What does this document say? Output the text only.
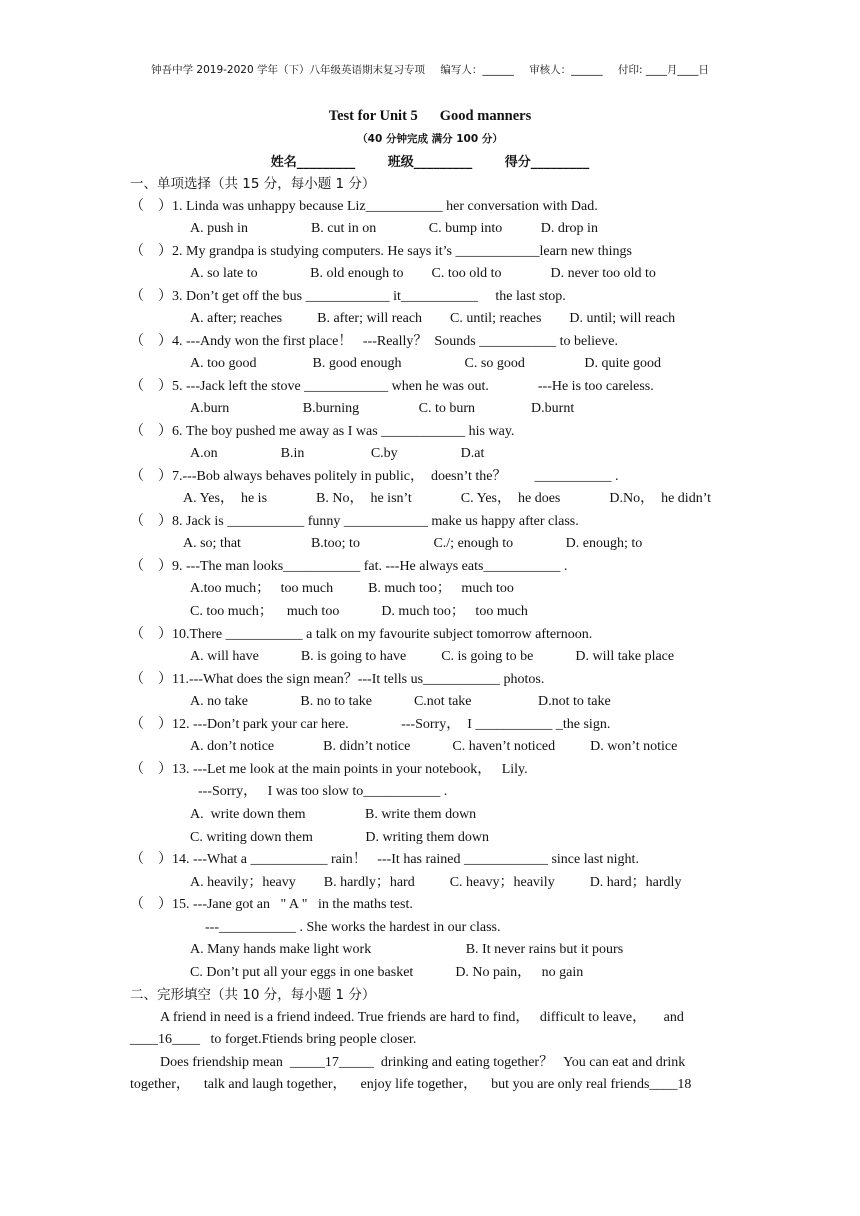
钟吾中学 2019-2020 学年（下）八年级英语期末复习专项 编写人：______ 审核人：______ 付印: ____月____日
Test for Unit 5 Good manners
（40 分钟完成 满分 100 分）
姓名_________	班级_________	得分_________
一、单项选择（共 15 分，每小题 1 分）
（    ）1. Linda was unhappy because Liz___________ her conversation with Dad.
A. push in                  B. cut in on               C. bump into           D. drop in
（    ）2. My grandpa is studying computers. He says it’s ____________learn new things
A. so late to               B. old enough to        C. too old to              D. never too old to
（    ）3. Don’t get off the bus ____________ it___________     the last stop.
A. after; reaches          B. after; will reach        C. until; reaches        D. until; will reach
（    ）4. ---Andy won the first place！   ---Really？  Sounds ___________ to believe.
A. too good                B. good enough                  C. so good                 D. quite good
（    ）5. ---Jack left the stove ____________ when he was out.              ---He is too careless.
A.burn                     B.burning                 C. to burn                D.burnt
（    ）6. The boy pushed me away as I was ____________ his way.
A.on                  B.in                   C.by                  D.at
（    ）7.---Bob always behaves politely in public，  doesn’t the？        ___________ .
A. Yes，  he is              B. No，  he isn’t              C. Yes，  he does              D.No，  he didn’t
（    ）8. Jack is ___________ funny ____________ make us happy after class.
A. so; that                    B.too; to                     C./; enough to               D. enough; to
（    ）9. ---The man looks___________ fat. ---He always eats___________ .
A.too much；   too much          B. much too；   much too
C. too much；    much too            D. much too；   too much
（    ）10.There ___________ a talk on my favourite subject tomorrow afternoon.
A. will have            B. is going to have          C. is going to be            D. will take place
（    ）11.---What does the sign mean？---It tells us___________ photos.
A. no take               B. no to take            C.not take                   D.not to take
（    ）12. ---Don’t park your car here.               ---Sorry，  I ___________ _the sign.
A. don’t notice              B. didn’t notice            C. haven’t noticed          D. won’t notice
（    ）13. ---Let me look at the main points in your notebook，   Lily.
---Sorry，   I was too slow to___________ .
A.  write down them                 B. write them down
C. writing down them               D. writing them down
（    ）14. ---What a ___________ rain！   ---It has rained ____________ since last night.
A. heavily；heavy        B. hardly；hard          C. heavy；heavily          D. hard；hardly
（    ）15. ---Jane got an   " A "   in the maths test.
---___________ . She works the hardest in our class.
A. Many hands make light work                           B. It never rains but it pours
C. Don’t put all your eggs in one basket            D. No pain，   no gain
二、完形填空（共 10 分，每小题 1 分）
A friend in need is a friend indeed. True friends are hard to find，   difficult to leave，     and
____16____   to forget.Ftiends bring people closer.
Does friendship mean  _____17_____  drinking and eating together？   You can eat and drink
together，    talk and laugh together，    enjoy life together，    but you are only real friends____18
